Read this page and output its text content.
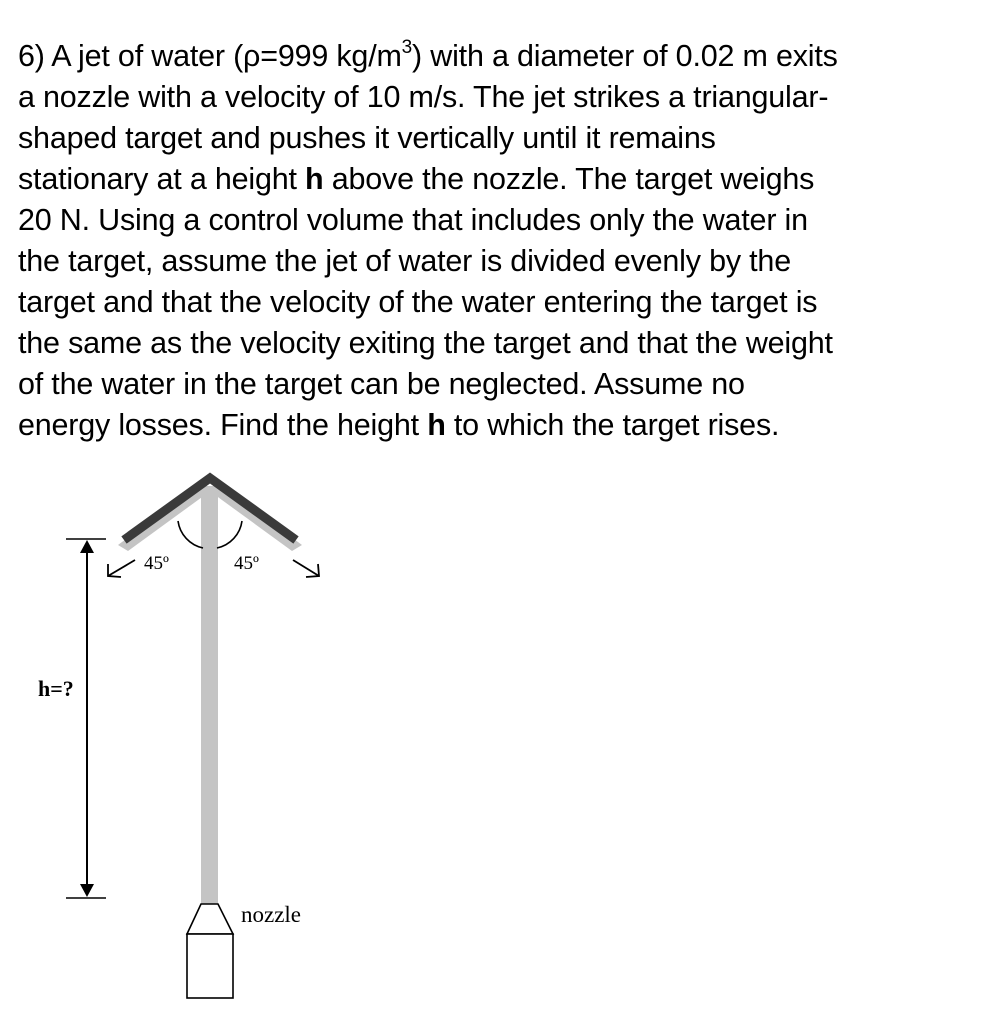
6) A jet of water (ρ=999 $kg/m^3$) with a diameter of 0.02 m exits
a nozzle with a velocity of 10 m/s. The jet strikes a triangular-
shaped target and pushes it vertically until it remains
stationary at a height h above the nozzle. The target weighs
20 N. Using a control volume that includes only the water in
the target, assume the jet of water is divided evenly by the
target and that the velocity of the water entering the target is
the same as the velocity exiting the target and that the weight
of the water in the target can be neglected. Assume no
energy losses. Find the height h to which the target rises.

45º	45º
h=?
nozzle
